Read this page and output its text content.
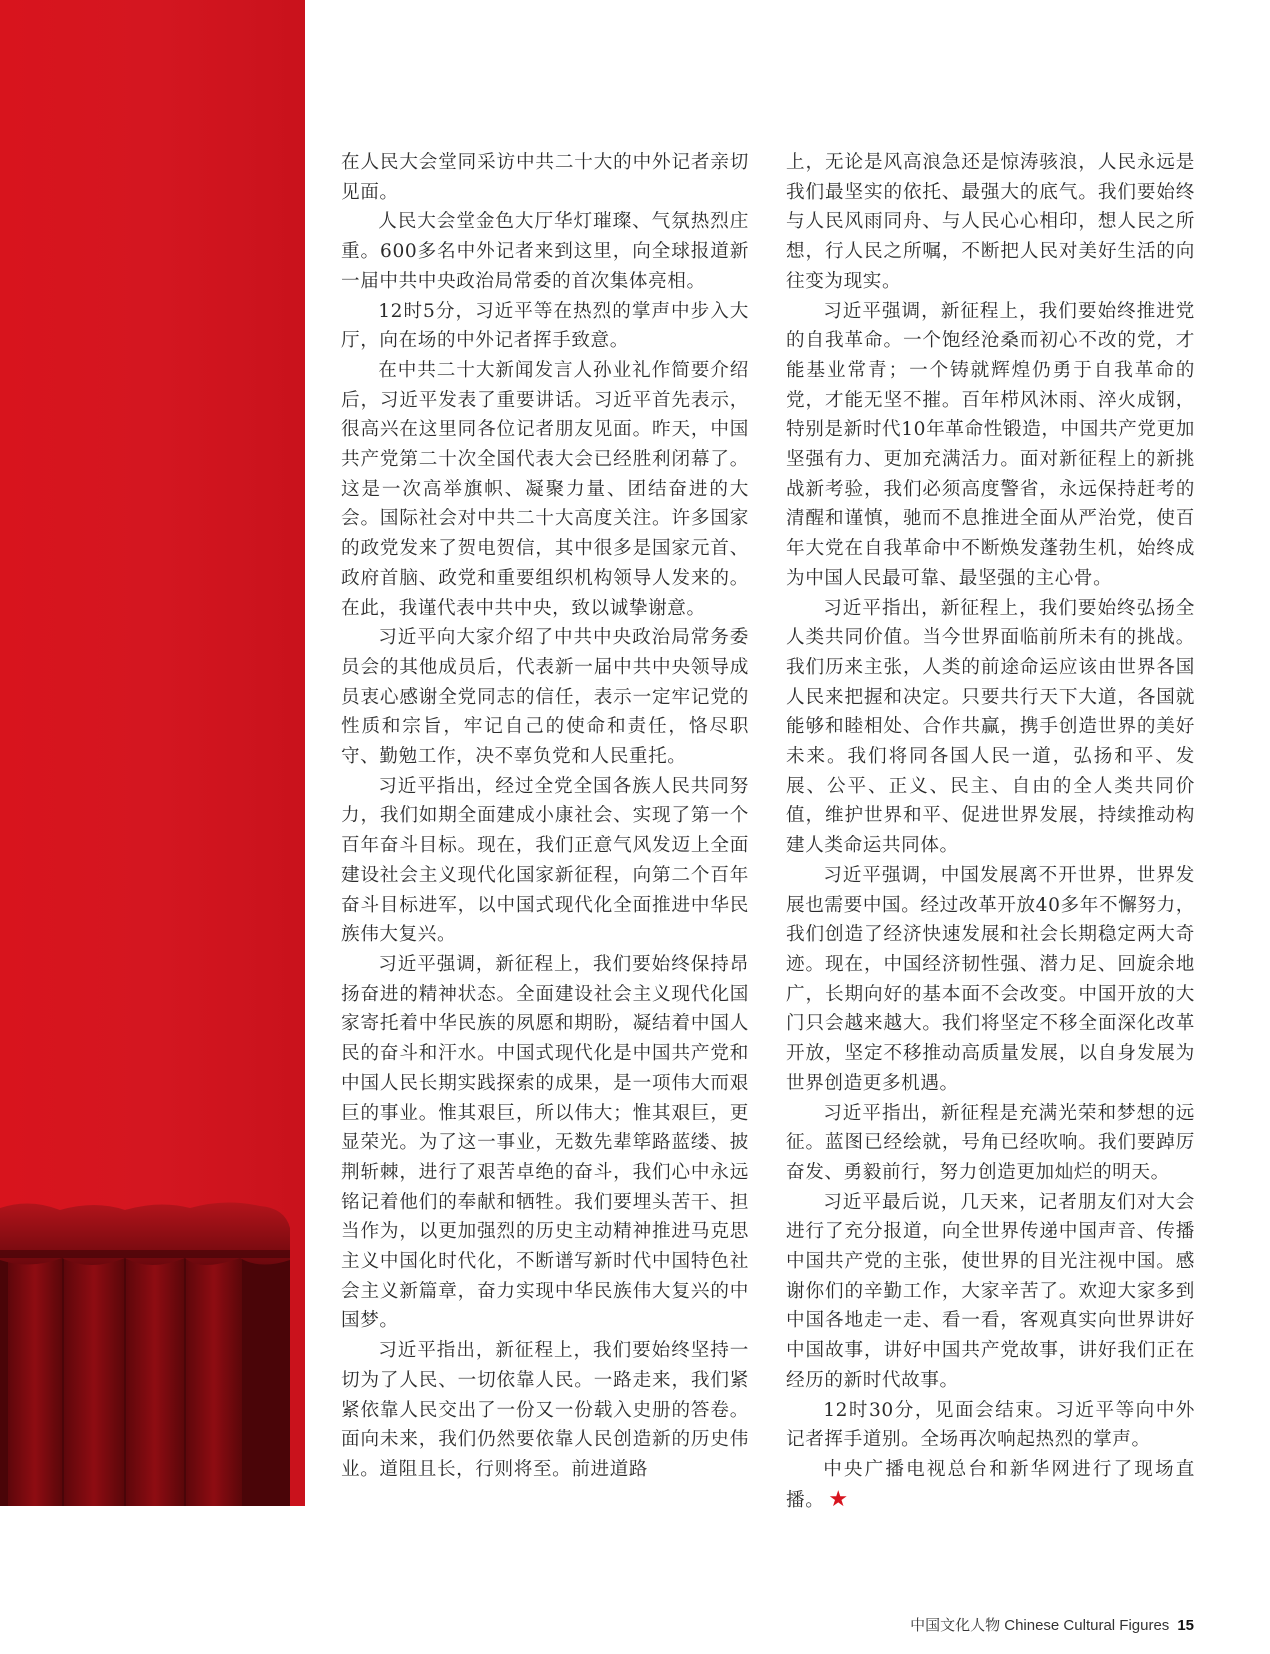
在人民大会堂同采访中共二十大的中外记者亲切见面。

人民大会堂金色大厅华灯璀璨、气氛热烈庄重。600多名中外记者来到这里，向全球报道新一届中共中央政治局常委的首次集体亮相。

12时5分，习近平等在热烈的掌声中步入大厅，向在场的中外记者挥手致意。

在中共二十大新闻发言人孙业礼作简要介绍后，习近平发表了重要讲话。习近平首先表示，很高兴在这里同各位记者朋友见面。昨天，中国共产党第二十次全国代表大会已经胜利闭幕了。这是一次高举旗帜、凝聚力量、团结奋进的大会。国际社会对中共二十大高度关注。许多国家的政党发来了贺电贺信，其中很多是国家元首、政府首脑、政党和重要组织机构领导人发来的。在此，我谨代表中共中央，致以诚挚谢意。

习近平向大家介绍了中共中央政治局常务委员会的其他成员后，代表新一届中共中央领导成员衷心感谢全党同志的信任，表示一定牢记党的性质和宗旨，牢记自己的使命和责任，恪尽职守、勤勉工作，决不辜负党和人民重托。

习近平指出，经过全党全国各族人民共同努力，我们如期全面建成小康社会、实现了第一个百年奋斗目标。现在，我们正意气风发迈上全面建设社会主义现代化国家新征程，向第二个百年奋斗目标进军，以中国式现代化全面推进中华民族伟大复兴。

习近平强调，新征程上，我们要始终保持昂扬奋进的精神状态。全面建设社会主义现代化国家寄托着中华民族的夙愿和期盼，凝结着中国人民的奋斗和汗水。中国式现代化是中国共产党和中国人民长期实践探索的成果，是一项伟大而艰巨的事业。惟其艰巨，所以伟大；惟其艰巨，更显荣光。为了这一事业，无数先辈筚路蓝缕、披荆斩棘，进行了艰苦卓绝的奋斗，我们心中永远铭记着他们的奉献和牺牲。我们要埋头苦干、担当作为，以更加强烈的历史主动精神推进马克思主义中国化时代化，不断谱写新时代中国特色社会主义新篇章，奋力实现中华民族伟大复兴的中国梦。

习近平指出，新征程上，我们要始终坚持一切为了人民、一切依靠人民。一路走来，我们紧紧依靠人民交出了一份又一份载入史册的答卷。面向未来，我们仍然要依靠人民创造新的历史伟业。道阻且长，行则将至。前进道路

上，无论是风高浪急还是惊涛骇浪，人民永远是我们最坚实的依托、最强大的底气。我们要始终与人民风雨同舟、与人民心心相印，想人民之所想，行人民之所嘱，不断把人民对美好生活的向往变为现实。

习近平强调，新征程上，我们要始终推进党的自我革命。一个饱经沧桑而初心不改的党，才能基业常青；一个铸就辉煌仍勇于自我革命的党，才能无坚不摧。百年栉风沐雨、淬火成钢，特别是新时代10年革命性锻造，中国共产党更加坚强有力、更加充满活力。面对新征程上的新挑战新考验，我们必须高度警省，永远保持赶考的清醒和谨慎，驰而不息推进全面从严治党，使百年大党在自我革命中不断焕发蓬勃生机，始终成为中国人民最可靠、最坚强的主心骨。

习近平指出，新征程上，我们要始终弘扬全人类共同价值。当今世界面临前所未有的挑战。我们历来主张，人类的前途命运应该由世界各国人民来把握和决定。只要共行天下大道，各国就能够和睦相处、合作共赢，携手创造世界的美好未来。我们将同各国人民一道，弘扬和平、发展、公平、正义、民主、自由的全人类共同价值，维护世界和平、促进世界发展，持续推动构建人类命运共同体。

习近平强调，中国发展离不开世界，世界发展也需要中国。经过改革开放40多年不懈努力，我们创造了经济快速发展和社会长期稳定两大奇迹。现在，中国经济韧性强、潜力足、回旋余地广，长期向好的基本面不会改变。中国开放的大门只会越来越大。我们将坚定不移全面深化改革开放，坚定不移推动高质量发展，以自身发展为世界创造更多机遇。

习近平指出，新征程是充满光荣和梦想的远征。蓝图已经绘就，号角已经吹响。我们要踔厉奋发、勇毅前行，努力创造更加灿烂的明天。

习近平最后说，几天来，记者朋友们对大会进行了充分报道，向全世界传递中国声音、传播中国共产党的主张，使世界的目光注视中国。感谢你们的辛勤工作，大家辛苦了。欢迎大家多到中国各地走一走、看一看，客观真实向世界讲好中国故事，讲好中国共产党故事，讲好我们正在经历的新时代故事。

12时30分，见面会结束。习近平等向中外记者挥手道别。全场再次响起热烈的掌声。

中央广播电视总台和新华网进行了现场直播。 ★

中国文化人物 Chinese Cultural Figures 15
